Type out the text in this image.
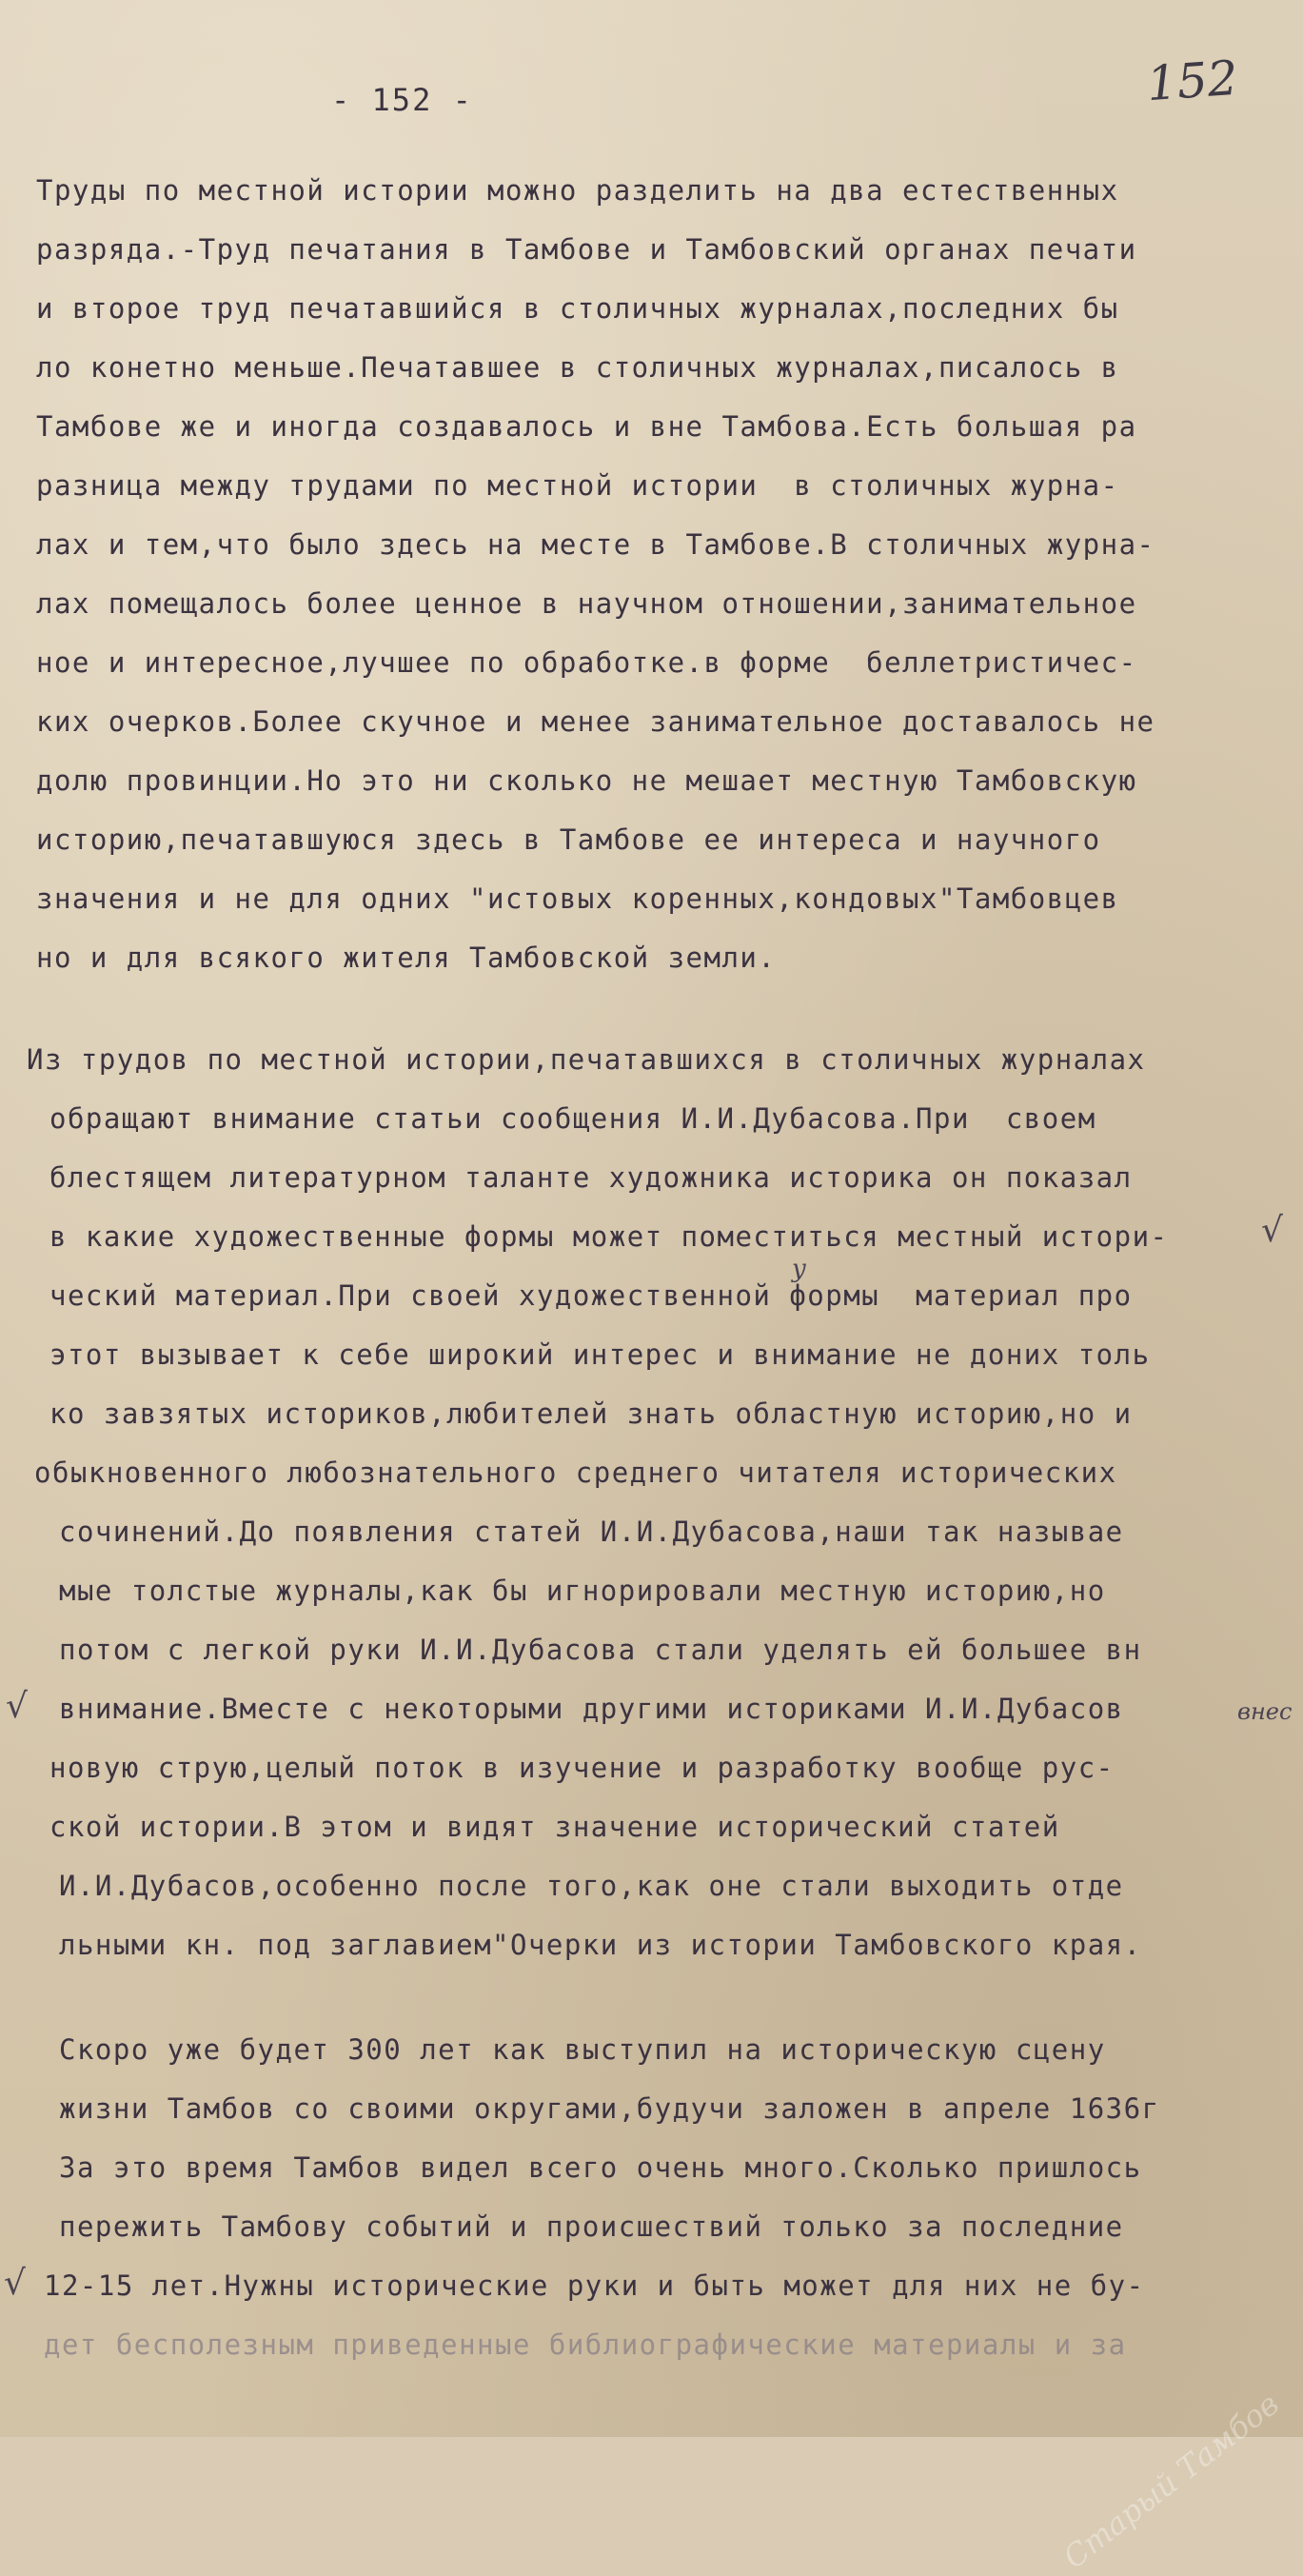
- 152 -	152
Труды по местной истории можно разделить на два естественных
разряда.-Труд печатания в Тамбове и Тамбовский органах печати
и второе труд печатавшийся в столичных журналах,последних бы
ло конетно меньше.Печатавшее в столичных журналах,писалось в
Тамбове же и иногда создавалось и вне Тамбова.Есть большая ра
разница между трудами по местной истории  в столичных журна-
лах и тем,что было здесь на месте в Тамбове.В столичных журна-
лах помещалось более ценное в научном отношении,занимательное
ное и интересное,лучшее по обработке.в форме  беллетристичес-
ких очерков.Более скучное и менее занимательное доставалось не
долю провинции.Но это ни сколько не мешает местную Тамбовскую
историю,печатавшуюся здесь в Тамбове ее интереса и научного
значения и не для одних "истовых коренных,кондовых"Тамбовцев
но и для всякого жителя Тамбовской земли.
Из трудов по местной истории,печатавшихся в столичных журналах
обращают внимание статьи сообщения И.И.Дубасова.При  своем
блестящем литературном таланте художника историка он показал
в какие художественные формы может поместиться местный истори-
ческий материал.При своей художественной формы  материал про
этот вызывает к себе широкий интерес и внимание не доних толь
ко завзятых историков,любителей знать областную историю,но и
обыкновенного любознательного среднего читателя исторических
сочинений.До появления статей И.И.Дубасова,наши так называе
мые толстые журналы,как бы игнорировали местную историю,но
потом с легкой руки И.И.Дубасова стали уделять ей большее вн
внимание.Вместе с некоторыми другими историками И.И.Дубасов
новую струю,целый поток в изучение и разработку вообще рус-
ской истории.В этом и видят значение исторический статей
И.И.Дубасов,особенно после того,как оне стали выходить отде
льными кн. под заглавием"Очерки из истории Тамбовского края.
Скоро уже будет 300 лет как выступил на историческую сцену
жизни Тамбов со своими округами,будучи заложен в апреле 1636г
За это время Тамбов видел всего очень много.Сколько пришлось
пережить Тамбову событий и происшествий только за последние
12-15 лет.Нужны исторические руки и быть может для них не бу-
дет бесполезным приведенные библиографические материалы и за
√
√
√
внес
у
Старый Тамбов
